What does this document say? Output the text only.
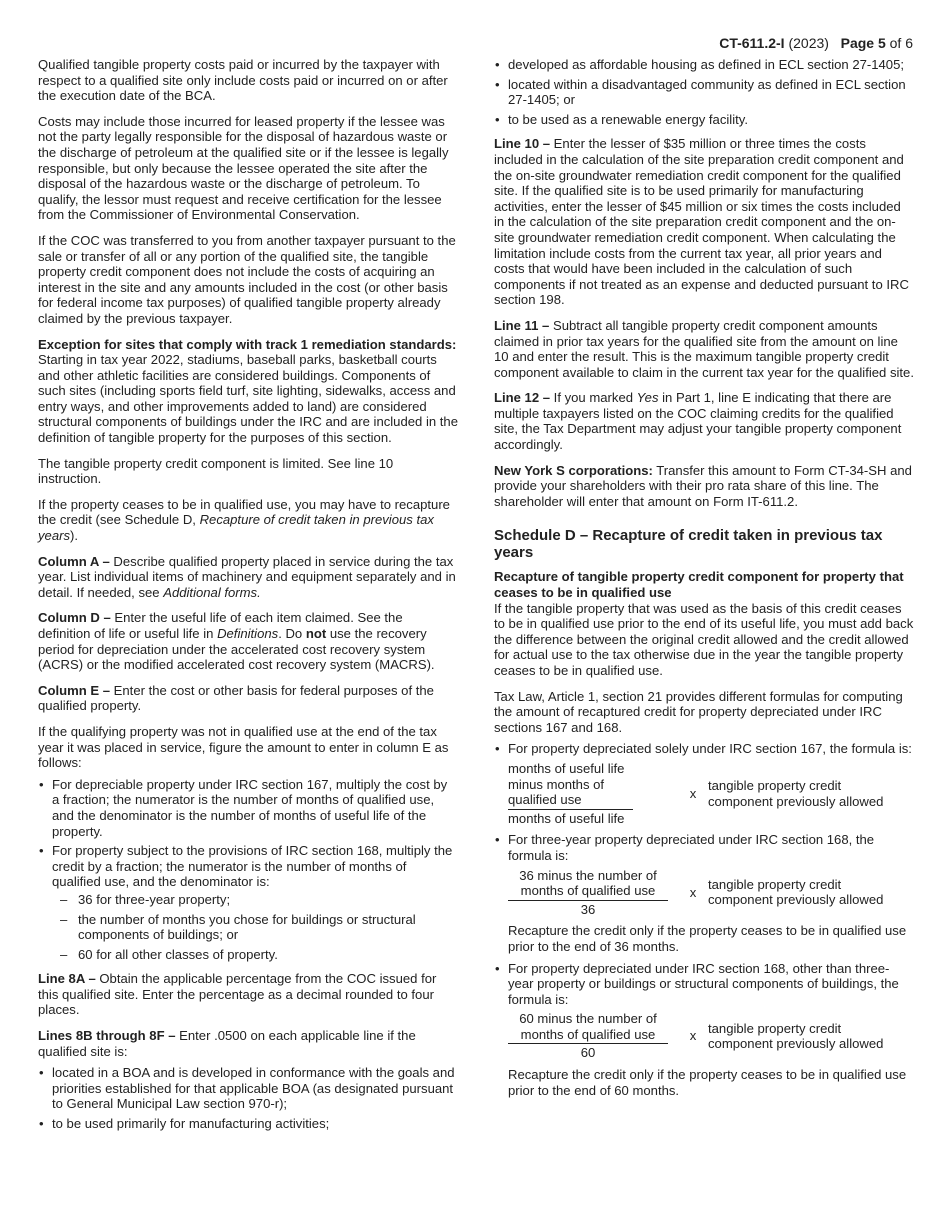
CT-611.2-I (2023) Page 5 of 6

Qualified tangible property costs paid or incurred by the taxpayer with respect to a qualified site only include costs paid or incurred on or after the execution date of the BCA.

Costs may include those incurred for leased property if the lessee was not the party legally responsible for the disposal of hazardous waste or the discharge of petroleum at the qualified site or if the lessee is legally responsible, but only because the lessee operated the site after the disposal of the hazardous waste or the discharge of petroleum. To qualify, the lessor must request and receive certification for the lessee from the Commissioner of Environmental Conservation.

If the COC was transferred to you from another taxpayer pursuant to the sale or transfer of all or any portion of the qualified site, the tangible property credit component does not include the costs of acquiring an interest in the site and any amounts included in the cost (or other basis for federal income tax purposes) of qualified tangible property already claimed by the previous taxpayer.

Exception for sites that comply with track 1 remediation standards: Starting in tax year 2022, stadiums, baseball parks, basketball courts and other athletic facilities are considered buildings. Components of such sites (including sports field turf, site lighting, sidewalks, access and entry ways, and other improvements added to land) are considered structural components of buildings under the IRC and are included in the definition of tangible property for the purposes of this section.

The tangible property credit component is limited. See line 10 instruction.

If the property ceases to be in qualified use, you may have to recapture the credit (see Schedule D, Recapture of credit taken in previous tax years).

Column A – Describe qualified property placed in service during the tax year. List individual items of machinery and equipment separately and in detail. If needed, see Additional forms.

Column D – Enter the useful life of each item claimed. See the definition of life or useful life in Definitions. Do not use the recovery period for depreciation under the accelerated cost recovery system (ACRS) or the modified accelerated cost recovery system (MACRS).

Column E – Enter the cost or other basis for federal purposes of the qualified property.

If the qualifying property was not in qualified use at the end of the tax year it was placed in service, figure the amount to enter in column E as follows:

• For depreciable property under IRC section 167, multiply the cost by a fraction; the numerator is the number of months of qualified use, and the denominator is the number of months of useful life of the property.
• For property subject to the provisions of IRC section 168, multiply the credit by a fraction; the numerator is the number of months of qualified use, and the denominator is:
– 36 for three-year property;
– the number of months you chose for buildings or structural components of buildings; or
– 60 for all other classes of property.

Line 8A – Obtain the applicable percentage from the COC issued for this qualified site. Enter the percentage as a decimal rounded to four places.

Lines 8B through 8F – Enter .0500 on each applicable line if the qualified site is:

• located in a BOA and is developed in conformance with the goals and priorities established for that applicable BOA (as designated pursuant to General Municipal Law section 970-r);
• to be used primarily for manufacturing activities;
• developed as affordable housing as defined in ECL section 27-1405;
• located within a disadvantaged community as defined in ECL section 27-1405; or
• to be used as a renewable energy facility.

Line 10 – Enter the lesser of $35 million or three times the costs included in the calculation of the site preparation credit component and the on-site groundwater remediation credit component for the qualified site. If the qualified site is to be used primarily for manufacturing activities, enter the lesser of $45 million or six times the costs included in the calculation of the site preparation credit component and the on-site groundwater remediation credit component. When calculating the limitation include costs from the current tax year, all prior years and costs that would have been included in the calculation of such components if not treated as an expense and deducted pursuant to IRC section 198.

Line 11 – Subtract all tangible property credit component amounts claimed in prior tax years for the qualified site from the amount on line 10 and enter the result. This is the maximum tangible property credit component available to claim in the current tax year for the qualified site.

Line 12 – If you marked Yes in Part 1, line E indicating that there are multiple taxpayers listed on the COC claiming credits for the qualified site, the Tax Department may adjust your tangible property component accordingly.

New York S corporations: Transfer this amount to Form CT-34-SH and provide your shareholders with their pro rata share of this line. The shareholder will enter that amount on Form IT-611.2.

Schedule D – Recapture of credit taken in previous tax years
Recapture of tangible property credit component for property that ceases to be in qualified use

If the tangible property that was used as the basis of this credit ceases to be in qualified use prior to the end of its useful life, you must add back the difference between the original credit allowed and the credit allowed for actual use to the tax otherwise due in the year the tangible property ceases to be in qualified use.

Tax Law, Article 1, section 21 provides different formulas for computing the amount of recaptured credit for property depreciated under IRC sections 167 and 168.

• For property depreciated solely under IRC section 167, the formula is:
$\frac{\text{months of useful life minus months of qualified use}}{\text{months of useful life}}$	x
tangible property credit component previously allowed
• For three-year property depreciated under IRC section 168, the formula is:
$\frac{\text{36 minus the number of months of qualified use}}{36}$	x
tangible property credit component previously allowed
Recapture the credit only if the property ceases to be in qualified use prior to the end of 36 months.
• For property depreciated under IRC section 168, other than three-year property or buildings or structural components of buildings, the formula is:
$\frac{\text{60 minus the number of months of qualified use}}{60}$	x
tangible property credit component previously allowed
Recapture the credit only if the property ceases to be in qualified use prior to the end of 60 months.
